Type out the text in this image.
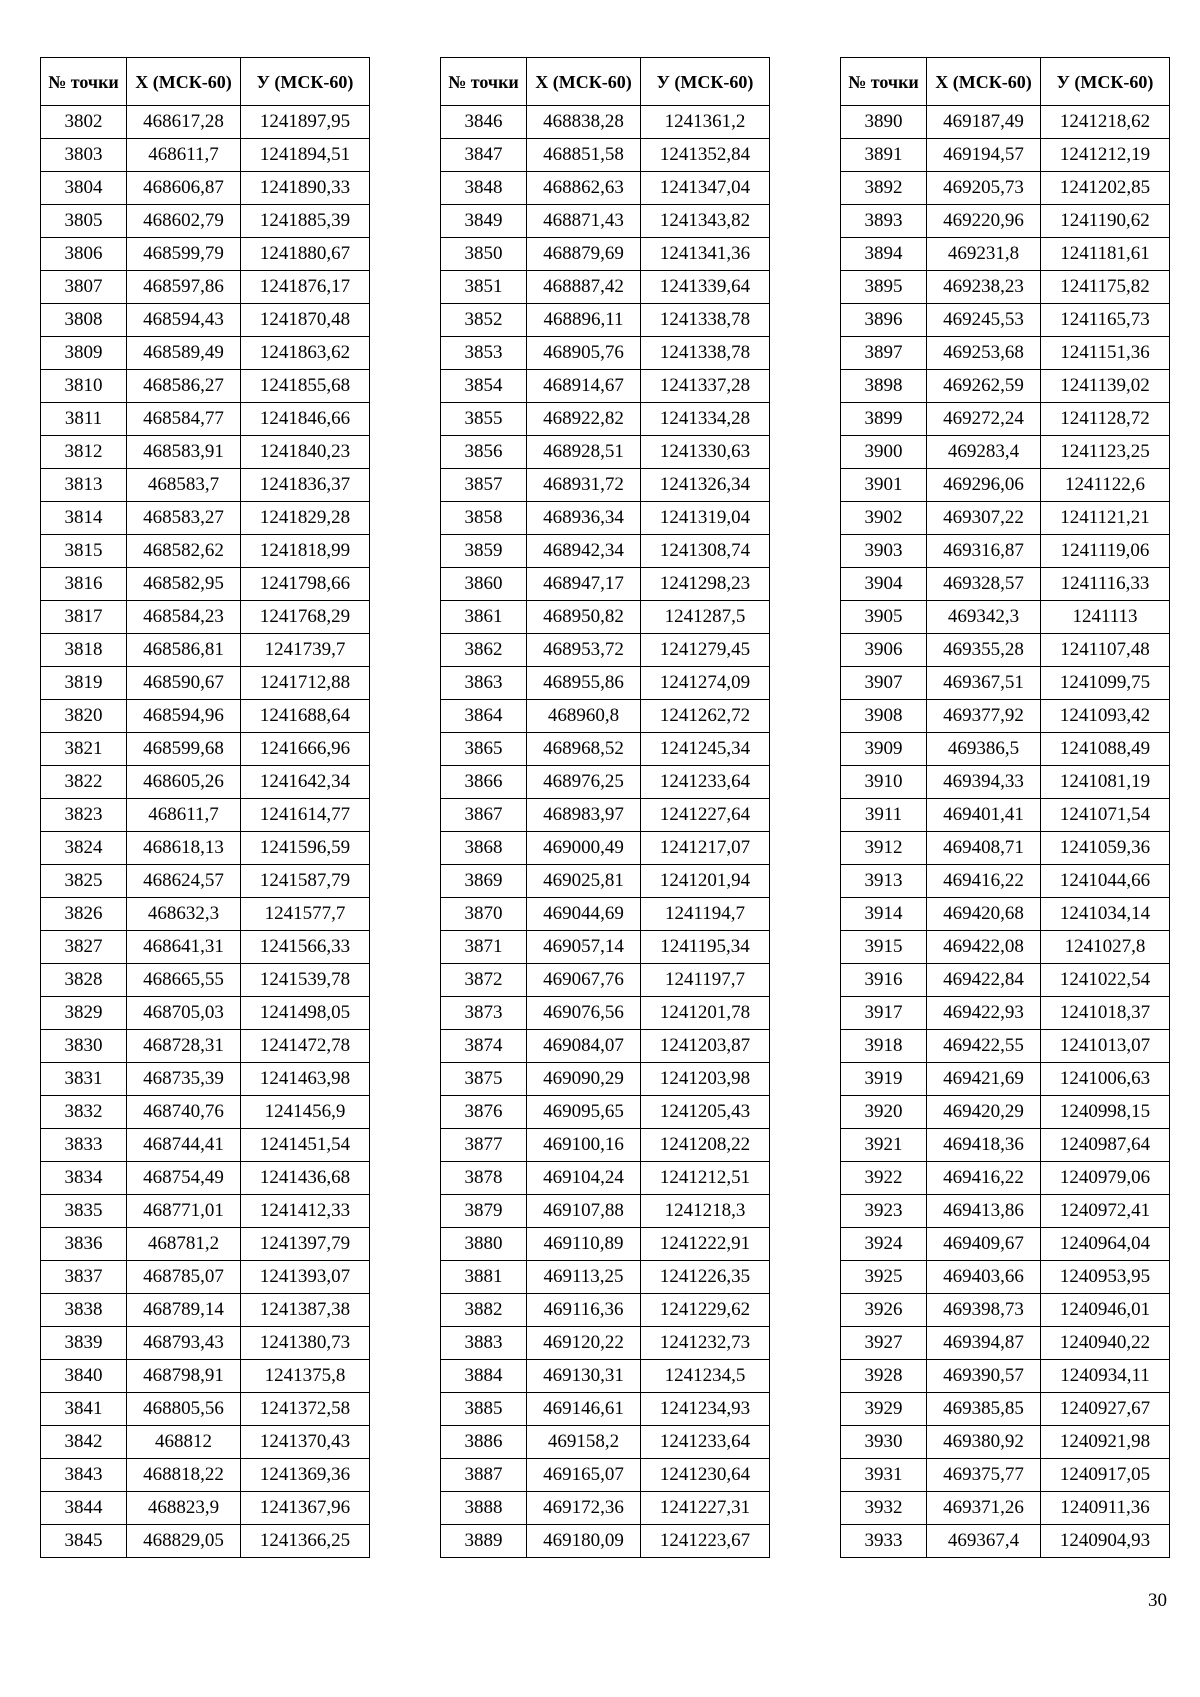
№ точки	Х (МСК-60)	У (МСК-60)
3802	468617,28	1241897,95
3803	468611,7	1241894,51
3804	468606,87	1241890,33
3805	468602,79	1241885,39
3806	468599,79	1241880,67
3807	468597,86	1241876,17
3808	468594,43	1241870,48
3809	468589,49	1241863,62
3810	468586,27	1241855,68
3811	468584,77	1241846,66
3812	468583,91	1241840,23
3813	468583,7	1241836,37
3814	468583,27	1241829,28
3815	468582,62	1241818,99
3816	468582,95	1241798,66
3817	468584,23	1241768,29
3818	468586,81	1241739,7
3819	468590,67	1241712,88
3820	468594,96	1241688,64
3821	468599,68	1241666,96
3822	468605,26	1241642,34
3823	468611,7	1241614,77
3824	468618,13	1241596,59
3825	468624,57	1241587,79
3826	468632,3	1241577,7
3827	468641,31	1241566,33
3828	468665,55	1241539,78
3829	468705,03	1241498,05
3830	468728,31	1241472,78
3831	468735,39	1241463,98
3832	468740,76	1241456,9
3833	468744,41	1241451,54
3834	468754,49	1241436,68
3835	468771,01	1241412,33
3836	468781,2	1241397,79
3837	468785,07	1241393,07
3838	468789,14	1241387,38
3839	468793,43	1241380,73
3840	468798,91	1241375,8
3841	468805,56	1241372,58
3842	468812	1241370,43
3843	468818,22	1241369,36
3844	468823,9	1241367,96
3845	468829,05	1241366,25
№ точки	Х (МСК-60)	У (МСК-60)
3846	468838,28	1241361,2
3847	468851,58	1241352,84
3848	468862,63	1241347,04
3849	468871,43	1241343,82
3850	468879,69	1241341,36
3851	468887,42	1241339,64
3852	468896,11	1241338,78
3853	468905,76	1241338,78
3854	468914,67	1241337,28
3855	468922,82	1241334,28
3856	468928,51	1241330,63
3857	468931,72	1241326,34
3858	468936,34	1241319,04
3859	468942,34	1241308,74
3860	468947,17	1241298,23
3861	468950,82	1241287,5
3862	468953,72	1241279,45
3863	468955,86	1241274,09
3864	468960,8	1241262,72
3865	468968,52	1241245,34
3866	468976,25	1241233,64
3867	468983,97	1241227,64
3868	469000,49	1241217,07
3869	469025,81	1241201,94
3870	469044,69	1241194,7
3871	469057,14	1241195,34
3872	469067,76	1241197,7
3873	469076,56	1241201,78
3874	469084,07	1241203,87
3875	469090,29	1241203,98
3876	469095,65	1241205,43
3877	469100,16	1241208,22
3878	469104,24	1241212,51
3879	469107,88	1241218,3
3880	469110,89	1241222,91
3881	469113,25	1241226,35
3882	469116,36	1241229,62
3883	469120,22	1241232,73
3884	469130,31	1241234,5
3885	469146,61	1241234,93
3886	469158,2	1241233,64
3887	469165,07	1241230,64
3888	469172,36	1241227,31
3889	469180,09	1241223,67
№ точки	Х (МСК-60)	У (МСК-60)
3890	469187,49	1241218,62
3891	469194,57	1241212,19
3892	469205,73	1241202,85
3893	469220,96	1241190,62
3894	469231,8	1241181,61
3895	469238,23	1241175,82
3896	469245,53	1241165,73
3897	469253,68	1241151,36
3898	469262,59	1241139,02
3899	469272,24	1241128,72
3900	469283,4	1241123,25
3901	469296,06	1241122,6
3902	469307,22	1241121,21
3903	469316,87	1241119,06
3904	469328,57	1241116,33
3905	469342,3	1241113
3906	469355,28	1241107,48
3907	469367,51	1241099,75
3908	469377,92	1241093,42
3909	469386,5	1241088,49
3910	469394,33	1241081,19
3911	469401,41	1241071,54
3912	469408,71	1241059,36
3913	469416,22	1241044,66
3914	469420,68	1241034,14
3915	469422,08	1241027,8
3916	469422,84	1241022,54
3917	469422,93	1241018,37
3918	469422,55	1241013,07
3919	469421,69	1241006,63
3920	469420,29	1240998,15
3921	469418,36	1240987,64
3922	469416,22	1240979,06
3923	469413,86	1240972,41
3924	469409,67	1240964,04
3925	469403,66	1240953,95
3926	469398,73	1240946,01
3927	469394,87	1240940,22
3928	469390,57	1240934,11
3929	469385,85	1240927,67
3930	469380,92	1240921,98
3931	469375,77	1240917,05
3932	469371,26	1240911,36
3933	469367,4	1240904,93
30
